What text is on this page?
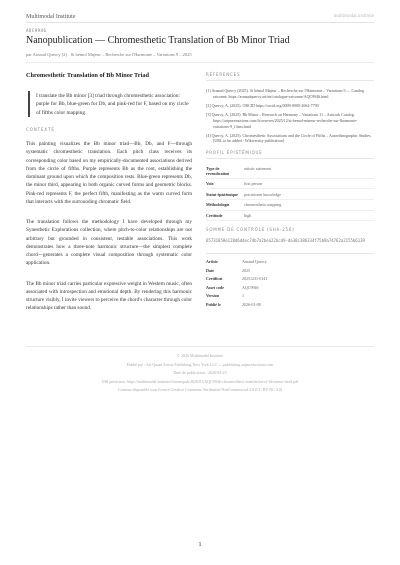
Multimodal Institute	multimodal.institute
AQC9946
Nanopublication — Chromesthetic Translation of Bb Minor Triad
par Arnaud Quercy [2] · Si bémol Majeur – Recherche sur l'Harmonie – Variations 9 – 2025
Chromesthetic Translation of Bb Minor Triad

I translate the Bb minor [3] triad through chromesthetic association: purple for Bb, blue-green for Db, and pink-red for F, based on my circle of fifths color mapping.

CONTEXTE

This painting visualizes the Bb minor triad—Bb, Db, and F—through systematic chromesthetic translation. Each pitch class receives its corresponding color based on my empirically-documented associations derived from the circle of fifths. Purple represents Bb as the root, establishing the dominant ground upon which the composition rests. Blue-green represents Db, the minor third, appearing in both organic curved forms and geometric blocks. Pink-red represents F, the perfect fifth, manifesting as the warm curved form that interacts with the surrounding chromatic field.

The translation follows the methodology I have developed through my Synesthetic Explorations collection, where pitch-to-color relationships are not arbitrary but grounded in consistent, testable associations. This work demonstrates how a three-note harmonic structure—the simplest complete chord—generates a complete visual composition through systematic color application.

The Bb minor triad carries particular expressive weight in Western music, often associated with introspection and emotional depth. By rendering this harmonic structure visibly, I invite viewers to perceive the chord's character through color relationships rather than sound.

RÉFÉRENCES
[1] Arnaud Quercy (2025). Si bémol Majeur – Recherche sur l'Harmonie – Variations 9 — Catalog raisonné. https://arnaudquercy.art/en/catalogue-raisonne/AQC9946.html
[2] Quercy, A. (2025). ORCID https://orcid.org/0009-0000-2662-7790
[3] Quercy, A. (2025). Bb Minor – Research on Harmony – Variations 11 – Artwork Catalog. https://artpuremotions.com/fr/oeuvres/2025/12/si-bemol-mineur-recherche-sur-lharmonie-variations-9_f.htm.html
[4] Quercy, A. (2025). Chromesthetic Associations and the Circle of Fifths – Autoethnographic Studies. [URL to be added - Wikiversity publication]
PROFIL ÉPISTÉMIQUE
Type de revendication	artistic statement
Voix	first person
Statut épistémique	practitioner knowledge
Méthodologie	chromesthetic mapping
Certitude	high
SOMME DE CONTRÔLE (SHA-256)
65731858e128d6d4ec74b7a2bea22bcd9-da30c386334f75b9a74762a2155b6139
Artiste	Arnaud Quercy
Date	2025
Certificat	20251231-0141
Asset code	AQC9946
Version	1
Publié le	2026-01-08
© 2026 Multimodal Institute
Publié par : Art Quant Artists Publishing New York LLC — publishing.artpuremotions.com
Date de publication : 2026-04-23
URI persistent: https://multimodal.institute/fr/nanopub/2026/01/AQC9946-chromesthetic-translation-of-bb-minor-triad.pdf
Contenu disponible sous licence Creative Commons Attribution-NonCommercial 4.0 (CC BY-NC 4.0)
1
